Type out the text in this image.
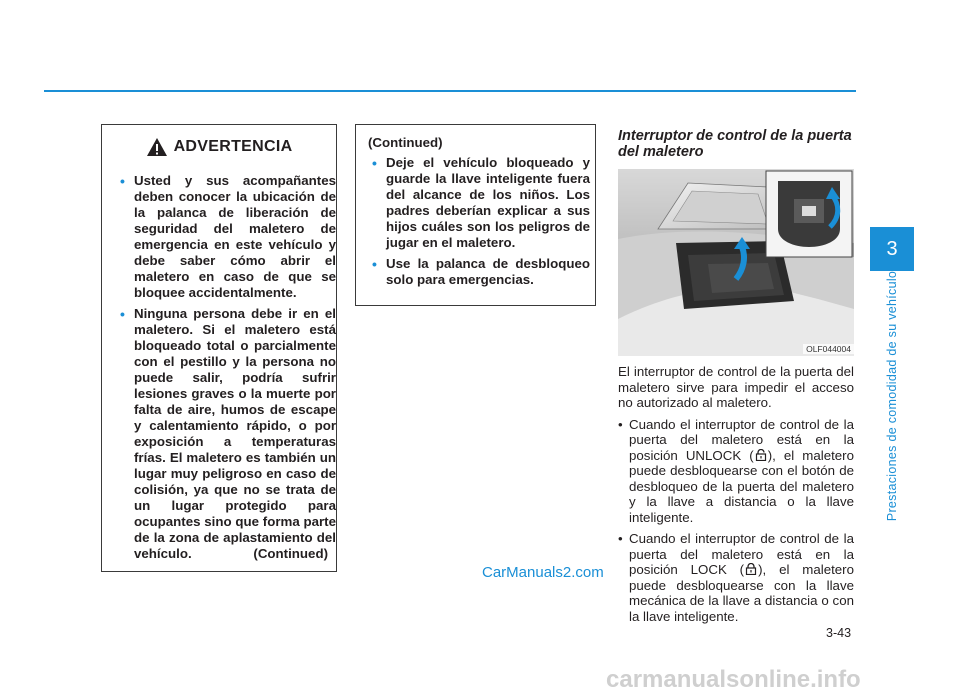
ADVERTENCIA
• Usted y sus acompañantes deben conocer la ubicación de la palanca de liberación de seguridad del maletero de emergencia en este vehículo y debe saber cómo abrir el maletero en caso de que se bloquee accidentalmente.
• Ninguna persona debe ir en el maletero. Si el maletero está bloqueado total o parcialmente con el pestillo y la persona no puede salir, podría sufrir lesiones graves o la muerte por falta de aire, humos de escape y calentamiento rápido, o por exposición a temperaturas frías. El maletero es también un lugar muy peligroso en caso de colisión, ya que no se trata de un lugar protegido para ocupantes sino que forma parte de la zona de aplastamiento del vehículo.	(Continued)
(Continued)
• Deje el vehículo bloqueado y guarde la llave inteligente fuera del alcance de los niños. Los padres deberían explicar a sus hijos cuáles son los peligros de jugar en el maletero.
• Use la palanca de desbloqueo solo para emergencias.
Interruptor de control de la puerta del maletero
OLF044004
El interruptor de control de la puerta del maletero sirve para impedir el acceso no autorizado al maletero.
• Cuando el interruptor de control de la puerta del maletero está en la posición UNLOCK ( ), el maletero puede desbloquearse con el botón de desbloqueo de la puerta del maletero y la llave a distancia o la llave inteligente.
• Cuando el interruptor de control de la puerta del maletero está en la posición LOCK ( ), el maletero puede desbloquearse con la llave mecánica de la llave a distancia o con la llave inteligente.
3
Prestaciones de comodidad de su vehículo
3-43
CarManuals2.com
carmanualsonline.info
